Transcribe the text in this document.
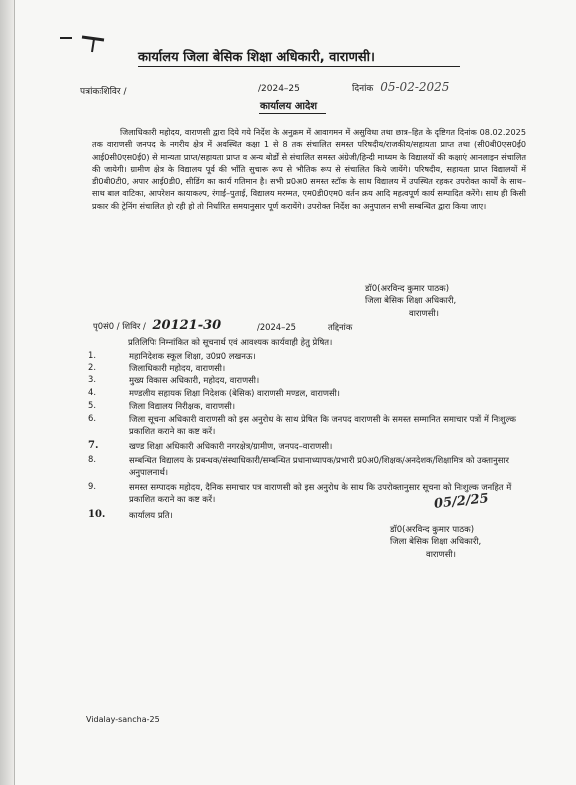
कार्यालय जिला बेसिक शिक्षा अधिकारी, वाराणसी।
पत्रांकःशिविर /	/2024–25	दिनांक 05-02-2025
कार्यालय आदेश
जिलाधिकारी महोदय, वाराणसी द्वारा दिये गये निर्देश के अनुक्रम में आवागमन में असुविधा तथा छात्र–हित के दृष्टिगत दिनांक 08.02.2025 तक वाराणसी जनपद के नगरीय क्षेत्र में अवस्थित कक्षा 1 से 8 तक संचालित समस्त परिषदीय/राजकीय/सहायता प्राप्त तथा (सी0बी0एस0ई0 आई0सी0एस0ई0) से मान्यता प्राप्त/सहायता प्राप्त व अन्य बोर्डों से संचालित समस्त अंग्रेजी/हिन्दी माध्यम के विद्यालयों की कक्षाएं आनलाइन संचालित की जायेगी। ग्रामीण क्षेत्र के विद्यालय पूर्व की भाँति सुचारू रूप से भौतिक रूप से संचालित किये जायेंगे। परिषदीय, सहायता प्राप्त विद्यालयों में डी0बी0टी0, अपार आई0डी0, सीडिंग का कार्य गतिमान है। सभी प्र0अ0 समस्त स्टॉक के साथ विद्यालय में उपस्थित रहकर उपरोक्त कार्यों के साथ–साथ बाल वाटिका, आपरेशन कायाकल्प, रंगाई–पुताई, विद्यालय मरम्मत, एम0डी0एम0 वर्तन क्रय आदि महत्वपूर्ण कार्य सम्पादित करेंगे। साथ ही किसी प्रकार की ट्रेनिंग संचालित हो रही हो तो निर्धारित समयानुसार पूर्ण करायेंगे। उपरोक्त निर्देश का अनुपालन सभी सम्बन्धित द्वारा किया जाए।
डॉ0(अरविन्द कुमार पाठक)
जिला बेसिक शिक्षा अधिकारी,
वाराणसी।
पृ0सं0 / शिविर / 20121-30	/2024–25	तद्दिनांक
प्रतिलिपिः निम्नांकित को सूचनार्थ एवं आवश्यक कार्यवाही हेतु प्रेषित।
1.	महानिदेशक स्कूल शिक्षा, उ0प्र0 लखनऊ।
2.	जिलाधिकारी महोदय, वाराणसी।
3.	मुख्य विकास अधिकारी, महोदय, वाराणसी।
4.	मण्डलीय सहायक शिक्षा निदेशक (बेसिक) वाराणसी मण्डल, वाराणसी।
5.	जिला विद्यालय निरीक्षक, वाराणसी।
6.	जिला सूचना अधिकारी वाराणसी को इस अनुरोध के साथ प्रेषित कि जनपद वाराणसी के समस्त सम्मानित समाचार पत्रों में निःशुल्क प्रकाशित कराने का कष्ट करें।
7.	खण्ड शिक्षा अधिकारी अधिकारी नगरक्षेत्र/ग्रामीण, जनपद–वाराणसी।
8.	सम्बन्धित विद्यालय के प्रबन्धक/संस्थाधिकारी/सम्बन्धित प्रधानाध्यापक/प्रभारी प्र0अ0/शिक्षक/अनदेशक/शिक्षामित्र को उक्तानुसार अनुपालनार्थ।
9.	समस्त सम्पादक महोदय, दैनिक समाचार पत्र वाराणसी को इस अनुरोध के साथ कि उपरोक्तानुसार सूचना को निःशुल्क जनहित में प्रकाशित कराने का कष्ट करें।
10.	कार्यालय प्रति।
05/2/25
डॉ0(अरविन्द कुमार पाठक)
जिला बेसिक शिक्षा अधिकारी,
वाराणसी।
Vidalay-sancha-25
